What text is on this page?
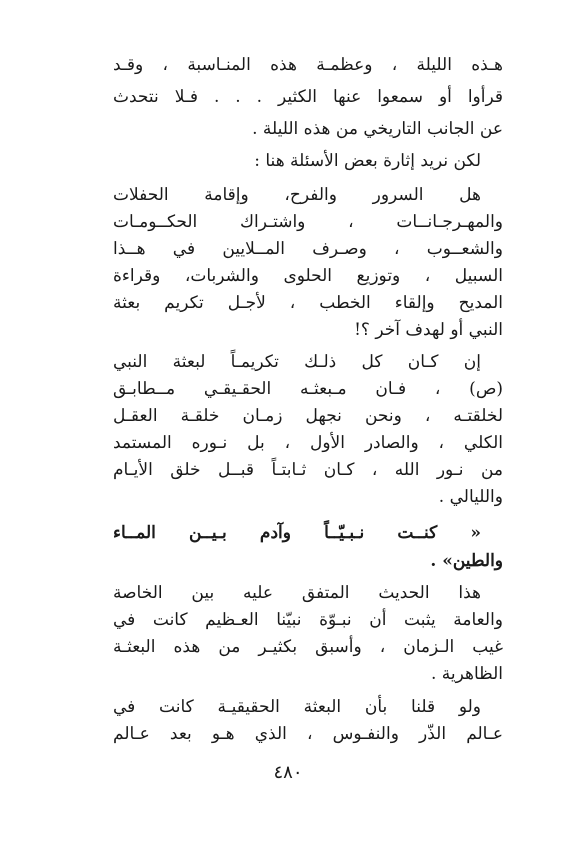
هـذه الليلة ، وعظمـة هذه المنـاسبة ، وقـد
قرأوا أو سمعوا عنها الكثير . . . فـلا نتحدث
عن الجانب التاريخي من هذه الليلة .
لكن نريد إثارة بعض الأسئلة هنا :
هل السرور والفرح، وإقامة الحفلات
والمهـرجـانــات ، واشتـراك الحكــومـات
والشعــوب ، وصـرف المــلايين في هــذا
السبيل ، وتوزيع الحلوى والشربات، وقراءة
المديح وإلقاء الخطب ، لأجـل تكريم بعثة
النبي أو لهدف آخر ؟!
إن كـان كل ذلـك تكريمـاً لبعثة النبي
(ص) ، فـان مـبعثـه الحقـيقـي مــطابـق
لخلقتـه ، ونحن نجهل زمـان خلقـة العقـل
الكلي ، والصادر الأول ، بل نـوره المستمد
من نـور الله ، كـان ثـابتـاً قبــل خلق الأيـام
والليالي .
« كنــت نـبـيّــاً وآدم بـيــن المــاء
والطين» .
هذا الحديث المتفق عليه بين الخاصة
والعامة يثبت أن نبـوّة نبيّنا العـظيم كانت في
غيب الـزمان ، وأسبق بكثيـر من هذه البعثـة
الظاهرية .
ولو قلنا بأن البعثة الحقيقيـة كانت في
عـالم الذّر والنفـوس ، الذي هـو بعد عـالم
٤٨٠
